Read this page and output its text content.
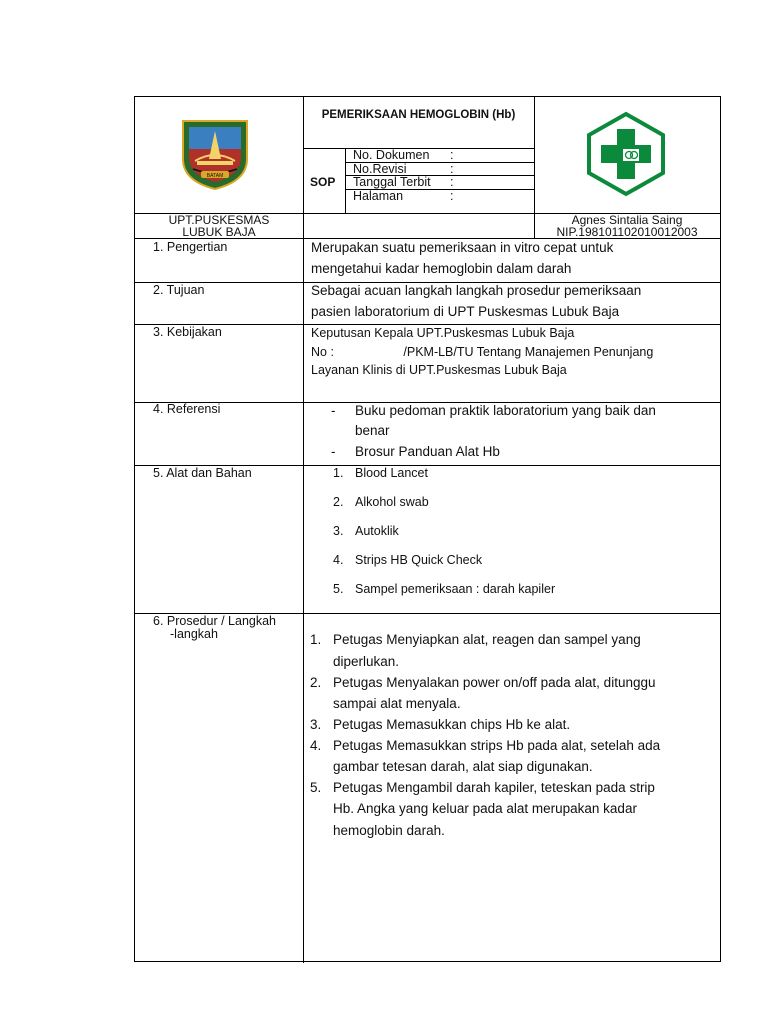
BATAM
PEMERIKSAAN HEMOGLOBIN (Hb)
SOP
No. Dokumen :
No.Revisi	:
Tanggal Terbit :
Halaman	:
UPT.PUSKESMAS
LUBUK BAJA
Agnes Sintalia Saing
NIP.198101102010012003
1. Pengertian
2. Tujuan
3. Kebijakan
4. Referensi
5. Alat dan Bahan
6. Prosedur / Langkah
-langkah
Merupakan suatu pemeriksaan in vitro cepat untuk
mengetahui kadar hemoglobin dalam darah
Sebagai acuan langkah langkah prosedur pemeriksaan
pasien laboratorium di UPT Puskesmas Lubuk Baja
Keputusan Kepala UPT.Puskesmas Lubuk Baja
No :                    /PKM-LB/TU Tentang Manajemen Penunjang
Layanan Klinis di UPT.Puskesmas Lubuk Baja
- Buku pedoman praktik laboratorium yang baik dan
benar
- Brosur Panduan Alat Hb
1. Blood Lancet
2. Alkohol swab
3. Autoklik
4. Strips HB Quick Check
5. Sampel pemeriksaan : darah kapiler
1. Petugas Menyiapkan alat, reagen dan sampel yang
diperlukan.
2. Petugas Menyalakan power on/off pada alat, ditunggu
sampai alat menyala.
3. Petugas Memasukkan chips Hb ke alat.
4. Petugas Memasukkan strips Hb pada alat, setelah ada
gambar tetesan darah, alat siap digunakan.
5. Petugas Mengambil darah kapiler, teteskan pada strip
Hb. Angka yang keluar pada alat merupakan kadar
hemoglobin darah.
